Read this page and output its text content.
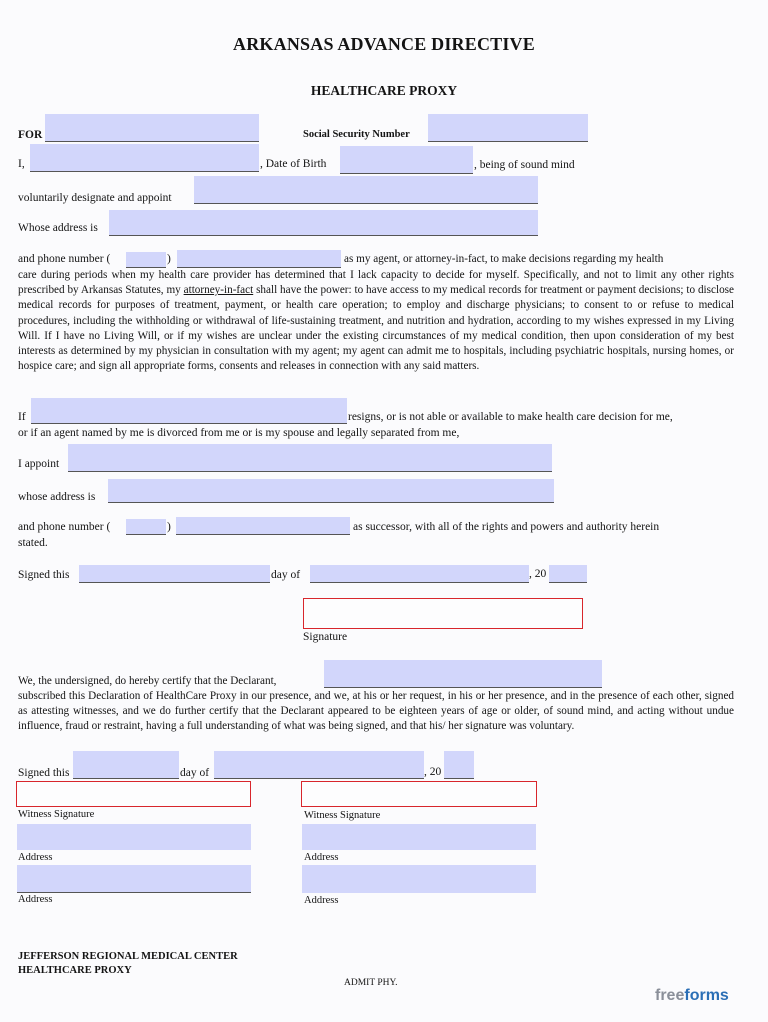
ARKANSAS ADVANCE DIRECTIVE
HEALTHCARE PROXY
FOR	Social Security Number
I,	, Date of Birth	, being of sound mind
voluntarily designate and appoint
Whose address is
and phone number (	)	as my agent, or attorney-in-fact, to make decisions regarding my health
care during periods when my health care provider has determined that I lack capacity to decide for myself. Specifically, and not to limit any other rights prescribed by Arkansas Statutes, my attorney-in-fact shall have the power: to have access to my medical records for treatment or payment decisions; to disclose medical records for purposes of treatment, payment, or health care operation; to employ and discharge physicians; to consent to or refuse to medical procedures, including the withholding or withdrawal of life-sustaining treatment, and nutrition and hydration, according to my wishes expressed in my Living Will. If I have no Living Will, or if my wishes are unclear under the existing circumstances of my medical condition, then upon consideration of my best interests as determined by my physician in consultation with my agent; my agent can admit me to hospitals, including psychiatric hospitals, nursing homes, or hospice care; and sign all appropriate forms, consents and releases in connection with any said matters.
If	resigns, or is not able or available to make health care decision for me,
or if an agent named by me is divorced from me or is my spouse and legally separated from me,
I appoint
whose address is
and phone number (	)	as successor, with all of the rights and powers and authority herein
stated.
Signed this	day of	, 20
Signature
We, the undersigned, do hereby certify that the Declarant,
subscribed this Declaration of HealthCare Proxy in our presence, and we, at his or her request, in his or her presence, and in the presence of each other, signed as attesting witnesses, and we do further certify that the Declarant appeared to be eighteen years of age or older, of sound mind, and acting without undue influence, fraud or restraint, having a full understanding of what was being signed, and that his/ her signature was voluntary.
Signed this	day of	, 20
Witness Signature	Witness Signature
Address	Address
Address	Address
JEFFERSON REGIONAL MEDICAL CENTER
HEALTHCARE PROXY
ADMIT PHY.
freeforms
